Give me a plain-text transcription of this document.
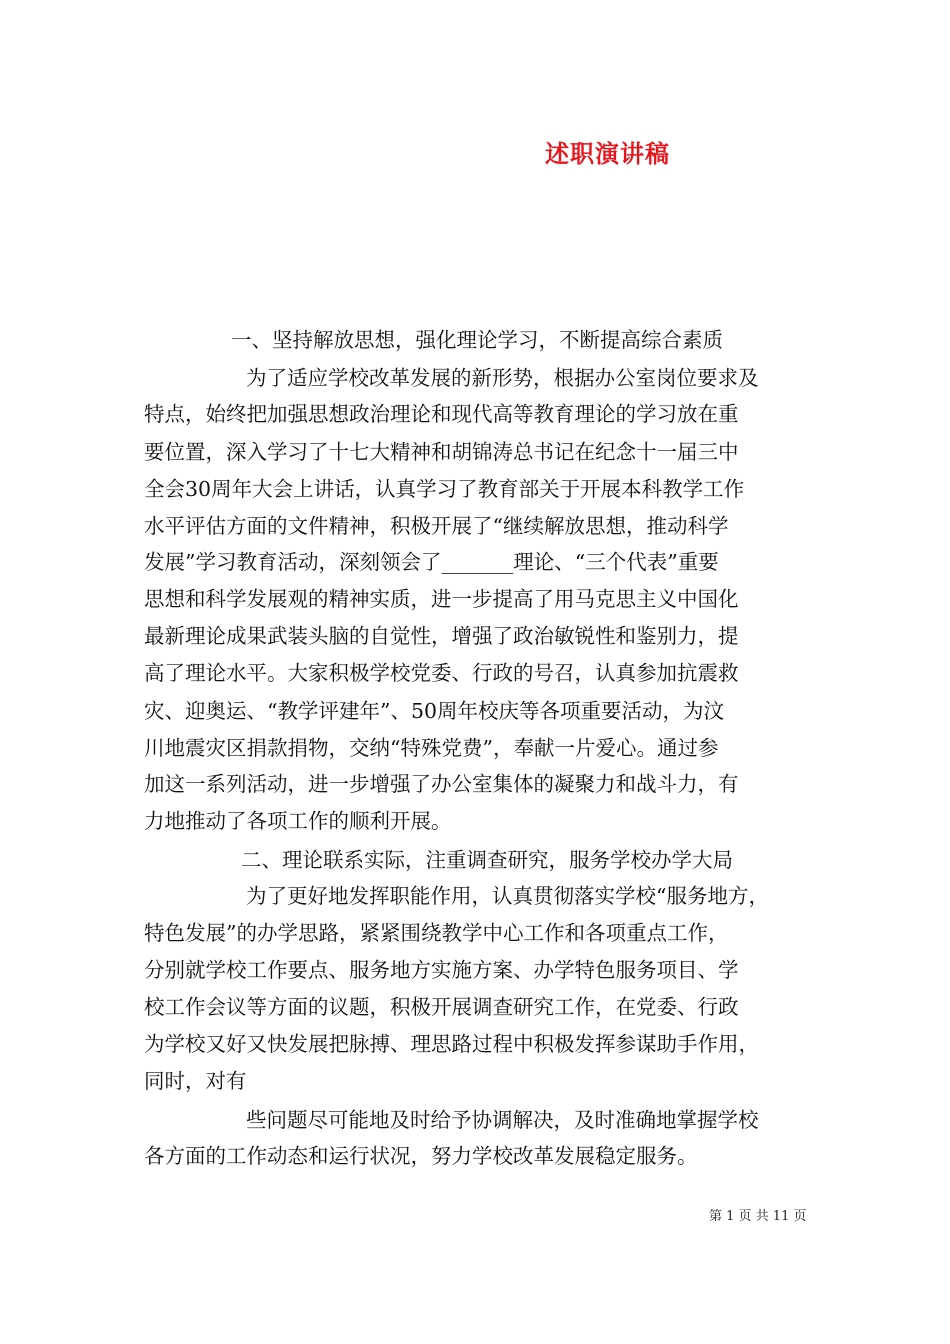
述职演讲稿
一、坚持解放思想，强化理论学习，不断提高综合素质
为了适应学校改革发展的新形势，根据办公室岗位要求及
特点，始终把加强思想政治理论和现代高等教育理论的学习放在重
要位置，深入学习了十七大精神和胡锦涛总书记在纪念十一届三中
全会30周年大会上讲话，认真学习了教育部关于开展本科教学工作
水平评估方面的文件精神，积极开展了“继续解放思想，推动科学
发展”学习教育活动，深刻领会了_______理论、“三个代表”重要
思想和科学发展观的精神实质，进一步提高了用马克思主义中国化
最新理论成果武装头脑的自觉性，增强了政治敏锐性和鉴别力，提
高了理论水平。大家积极学校党委、行政的号召，认真参加抗震救
灾、迎奥运、“教学评建年”、50周年校庆等各项重要活动，为汶
川地震灾区捐款捐物，交纳“特殊党费”，奉献一片爱心。通过参
加这一系列活动，进一步增强了办公室集体的凝聚力和战斗力，有
力地推动了各项工作的顺利开展。
二、理论联系实际，注重调查研究，服务学校办学大局
为了更好地发挥职能作用，认真贯彻落实学校“服务地方，
特色发展”的办学思路，紧紧围绕教学中心工作和各项重点工作，
分别就学校工作要点、服务地方实施方案、办学特色服务项目、学
校工作会议等方面的议题，积极开展调查研究工作，在党委、行政
为学校又好又快发展把脉搏、理思路过程中积极发挥参谋助手作用，
同时，对有
些问题尽可能地及时给予协调解决，及时准确地掌握学校
各方面的工作动态和运行状况，努力学校改革发展稳定服务。
第 1 页 共 11 页
